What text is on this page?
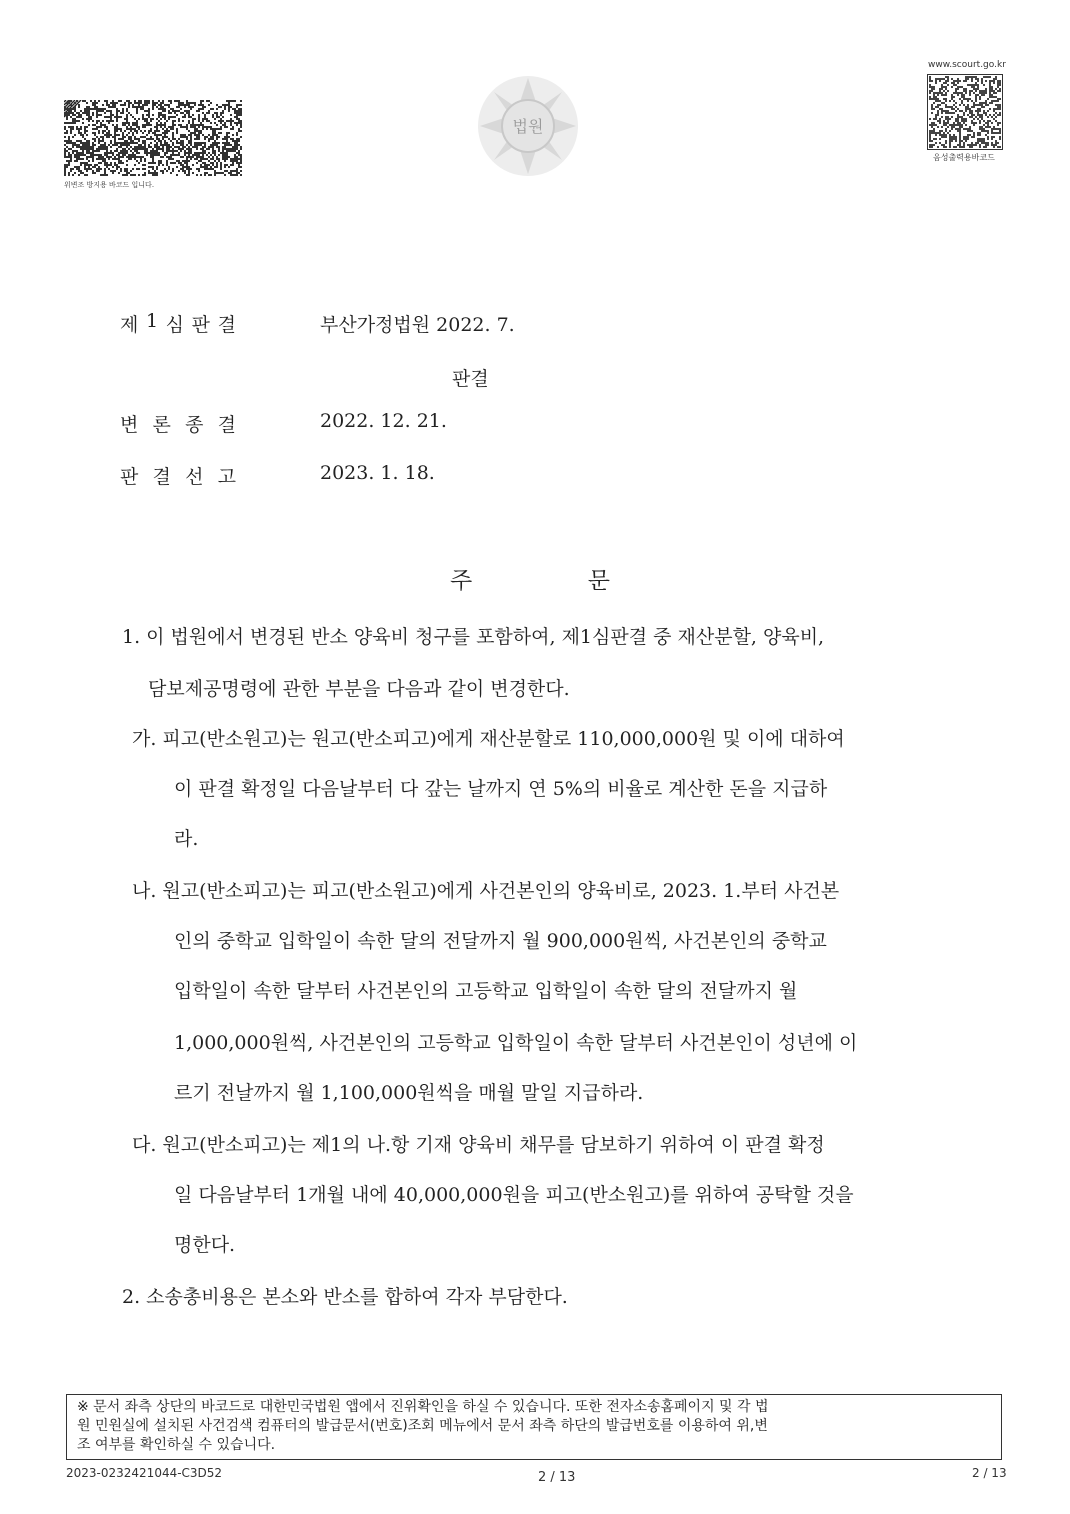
위변조 방지용 바코드 입니다.
법원
www.scourt.go.kr
음성출력용바코드
제 1 심 판 결	부산가정법원 2022. 7.
판결
변 론 종 결	2022. 12. 21.
판 결 선 고	2023. 1. 18.
주	문
1. 이 법원에서 변경된 반소 양육비 청구를 포함하여, 제1심판결 중 재산분할, 양육비,
담보제공명령에 관한 부분을 다음과 같이 변경한다.
가. 피고(반소원고)는 원고(반소피고)에게 재산분할로 110,000,000원 및 이에 대하여
이 판결 확정일 다음날부터 다 갚는 날까지 연 5%의 비율로 계산한 돈을 지급하
라.
나. 원고(반소피고)는 피고(반소원고)에게 사건본인의 양육비로, 2023. 1.부터 사건본
인의 중학교 입학일이 속한 달의 전달까지 월 900,000원씩, 사건본인의 중학교
입학일이 속한 달부터 사건본인의 고등학교 입학일이 속한 달의 전달까지 월
1,000,000원씩, 사건본인의 고등학교 입학일이 속한 달부터 사건본인이 성년에 이
르기 전날까지 월 1,100,000원씩을 매월 말일 지급하라.
다. 원고(반소피고)는 제1의 나.항 기재 양육비 채무를 담보하기 위하여 이 판결 확정
일 다음날부터 1개월 내에 40,000,000원을 피고(반소원고)를 위하여 공탁할 것을
명한다.
2. 소송총비용은 본소와 반소를 합하여 각자 부담한다.
※ 문서 좌측 상단의 바코드로 대한민국법원 앱에서 진위확인을 하실 수 있습니다. 또한 전자소송홈페이지 및 각 법
원 민원실에 설치된 사건검색 컴퓨터의 발급문서(번호)조회 메뉴에서 문서 좌측 하단의 발급번호를 이용하여 위,변
조 여부를 확인하실 수 있습니다.
2023-0232421044-C3D52	2 / 13	2 / 13
